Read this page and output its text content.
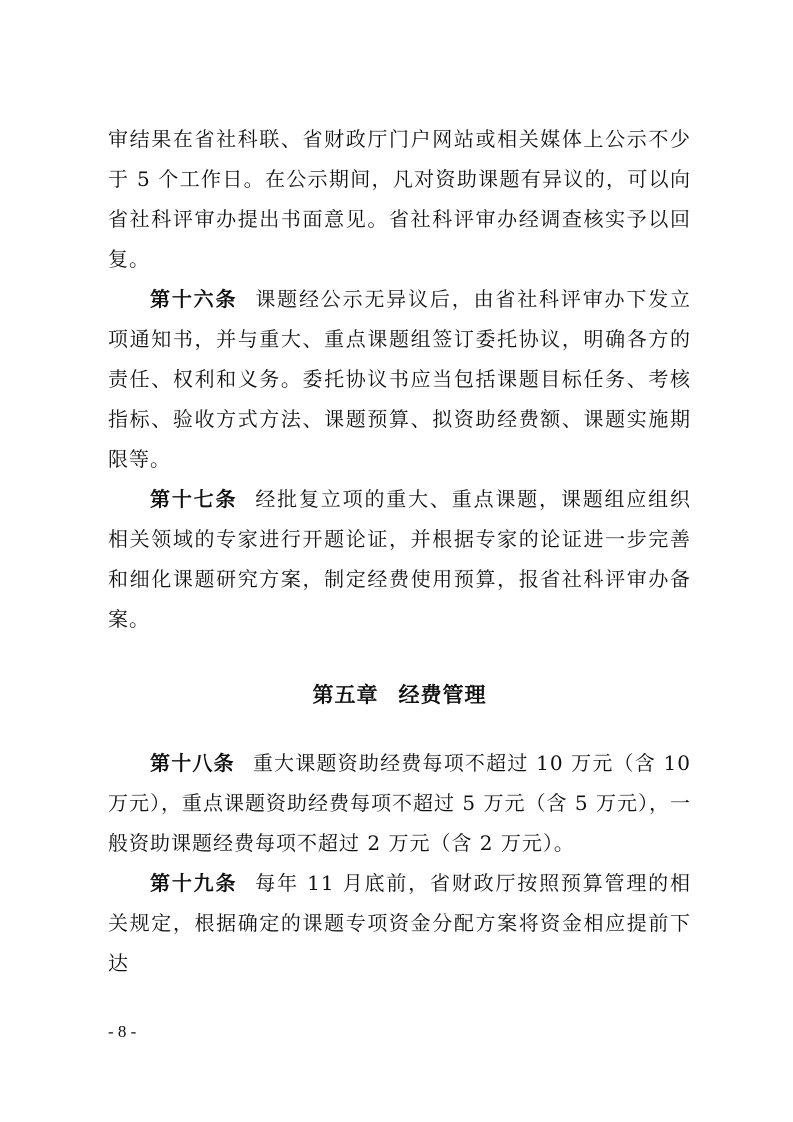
审结果在省社科联、省财政厅门户网站或相关媒体上公示不少于 5 个工作日。在公示期间，凡对资助课题有异议的，可以向省社科评审办提出书面意见。省社科评审办经调查核实予以回复。

第十六条 课题经公示无异议后，由省社科评审办下发立项通知书，并与重大、重点课题组签订委托协议，明确各方的责任、权利和义务。委托协议书应当包括课题目标任务、考核指标、验收方式方法、课题预算、拟资助经费额、课题实施期限等。

第十七条 经批复立项的重大、重点课题，课题组应组织相关领域的专家进行开题论证，并根据专家的论证进一步完善和细化课题研究方案，制定经费使用预算，报省社科评审办备案。

第五章 经费管理

第十八条 重大课题资助经费每项不超过 10 万元（含 10 万元），重点课题资助经费每项不超过 5 万元（含 5 万元），一般资助课题经费每项不超过 2 万元（含 2 万元）。

第十九条 每年 11 月底前，省财政厅按照预算管理的相关规定，根据确定的课题专项资金分配方案将资金相应提前下达

- 8 -
